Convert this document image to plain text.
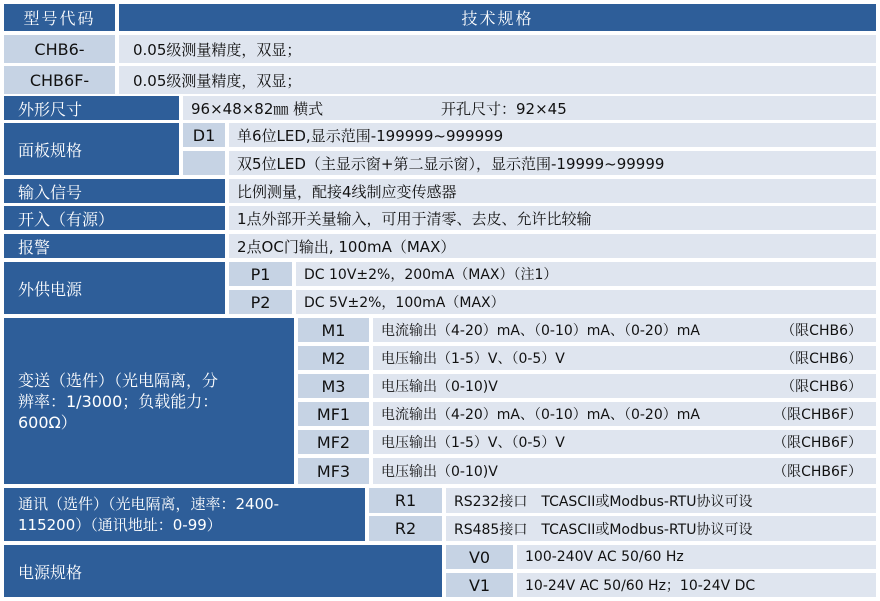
型号代码	技术规格
CHB6-	0.05级测量精度，双显；
CHB6F-	0.05级测量精度，双显；
外形尺寸	96×48×82㎜ 横式	开孔尺寸：92×45
面板规格
D1	单6位LED,显示范围-199999~999999
双5位LED（主显示窗+第二显示窗），显示范围-19999~99999
输入信号	比例测量，配接4线制应变传感器
开入（有源）	1点外部开关量输入，可用于清零、去皮、允许比较输
报警	2点OC门输出, 100mA（MAX）
外供电源
P1	DC 10V±2%，200mA（MAX）（注1）
P2	DC 5V±2%，100mA（MAX）
变送（选件）（光电隔离，分辨率：1/3000；负载能力：600Ω）
M1	电流输出（4-20）mA、（0-10）mA、（0-20）mA	（限CHB6）
M2	电压输出（1-5）V、（0-5）V	（限CHB6）
M3	电压输出（0-10)V	（限CHB6）
MF1	电流输出（4-20）mA、（0-10）mA、（0-20）mA	（限CHB6F）
MF2	电压输出（1-5）V、（0-5）V	（限CHB6F）
MF3	电压输出（0-10)V	（限CHB6F）
通讯（选件）（光电隔离，速率：2400-115200）（通讯地址：0-99）
R1	RS232接口　TCASCII或Modbus-RTU协议可设
R2	RS485接口　TCASCII或Modbus-RTU协议可设
电源规格
V0	100-240V AC 50/60 Hz
V1	10-24V AC 50/60 Hz；10-24V DC
